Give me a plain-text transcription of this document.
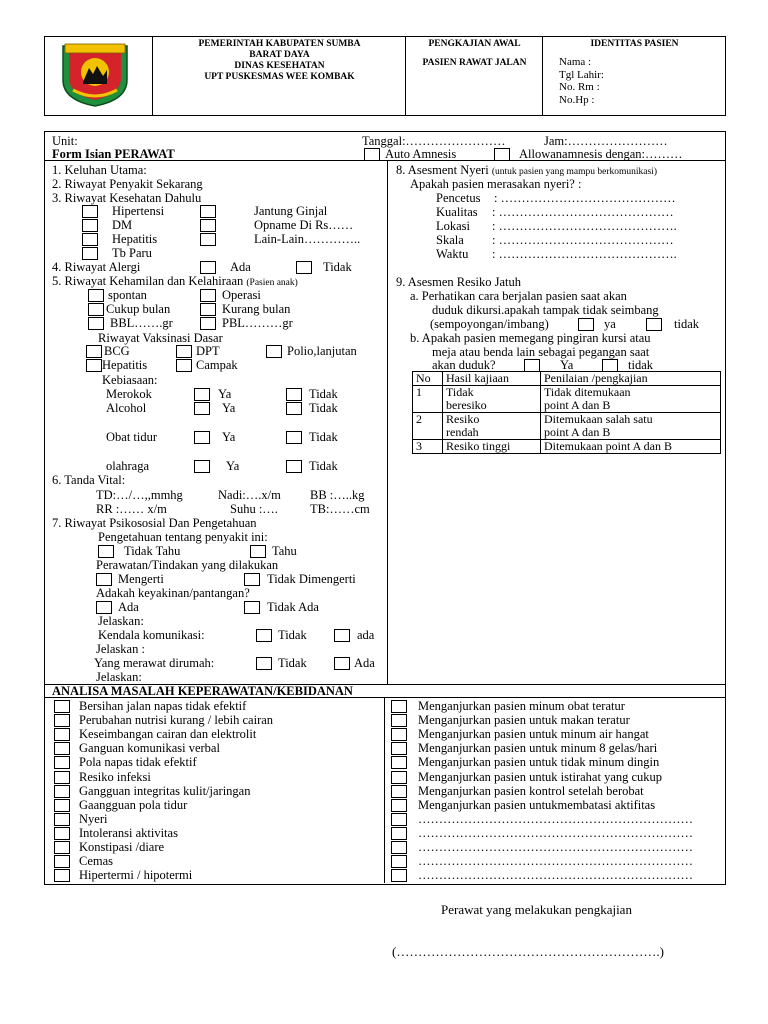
PEMERINTAH KABUPATEN SUMBA
BARAT DAYA
DINAS KESEHATAN
UPT PUSKESMAS WEE KOMBAK
PENGKAJIAN AWAL
PASIEN RAWAT JALAN
IDENTITAS PASIEN
Nama :
Tgl Lahir:
No. Rm :
No.Hp :
Unit:	Tanggal:……………………	Jam:……………………
Form Isian PERAWAT	Auto Amnesis	Allowanamnesis dengan:………
1. Keluhan Utama:
2. Riwayat Penyakit Sekarang
3. Riwayat Kesehatan Dahulu
Hipertensi	Jantung Ginjal
DM	Opname Di Rs……
Hepatitis	Lain-Lain…………..
Tb Paru
4. Riwayat Alergi	Ada	Tidak
5. Riwayat Kehamilan dan Kelahiraan (Pasien anak)
spontan	Operasi
Cukup bulan	Kurang bulan
BBL…….gr	PBL………gr
Riwayat Vaksinasi Dasar
BCG	DPT	Polio,lanjutan
Hepatitis	Campak
Kebiasaan:
Merokok	Ya	Tidak
Alcohol	Ya	Tidak
Obat tidur	Ya	Tidak
olahraga	Ya	Tidak
6. Tanda Vital:
TD:…/…,,mmhg	Nadi:….x/m BB :…..kg
RR :…… x/m	Suhu :….	TB:……cm
7. Riwayat Psikososial Dan Pengetahuan
Pengetahuan tentang penyakit ini:
Tidak Tahu	Tahu
Perawatan/Tindakan yang dilakukan
Mengerti	Tidak Dimengerti
Adakah keyakinan/pantangan?
Ada	Tidak Ada
Jelaskan:
Kendala komunikasi:	Tidak	ada
Jelaskan :
Yang merawat dirumah:	Tidak	Ada
Jelaskan:
8. Asesment Nyeri (untuk pasien yang mampu berkomunikasi)
Apakah pasien merasakan nyeri? :
Pencetus : ……………………………………
Kualitas : ……………………………………
Lokasi : …………………………………….
Skala : ……………………………………
Waktu : …………………………………….
9. Asesmen Resiko Jatuh
a. Perhatikan cara berjalan pasien saat akan
duduk dikursi.apakah tampak tidak seimbang
(sempoyongan/imbang)	ya	tidak
b. Apakah pasien memegang pingiran kursi atau
meja atau benda lain sebagai pegangan saat
akan duduk?	Ya	tidak
No	Hasil kajiaan	Penilaian /pengkajian
1	Tidak	Tidak ditemukaan
	beresiko	point A dan B
2	Resiko	Ditemukaan salah satu
	rendah	point A dan B
3	Resiko tinggi	Ditemukaan point A dan B
ANALISA MASALAH KEPERAWATAN/KEBIDANAN
Bersihan jalan napas tidak efektif
Perubahan nutrisi kurang / lebih cairan
Keseimbangan cairan dan elektrolit
Ganguan komunikasi verbal
Pola napas tidak efektif
Resiko infeksi
Gangguan integritas kulit/jaringan
Gaangguan pola tidur
Nyeri
Intoleransi aktivitas
Konstipasi /diare
Cemas
Hipertermi / hipotermi
Menganjurkan pasien minum obat teratur
Menganjurkan pasien untuk makan teratur
Menganjurkan pasien untuk minum air hangat
Menganjurkan pasien untuk minum 8 gelas/hari
Menganjurkan pasien untuk tidak minum dingin
Menganjurkan pasien untuk istirahat yang cukup
Menganjurkan pasien kontrol setelah berobat
Menganjurkan pasien untukmembatasi aktifitas
…………………………………………………………
…………………………………………………………
…………………………………………………………
…………………………………………………………
…………………………………………………………
Perawat yang melakukan pengkajian
(…………………………………………………….)
